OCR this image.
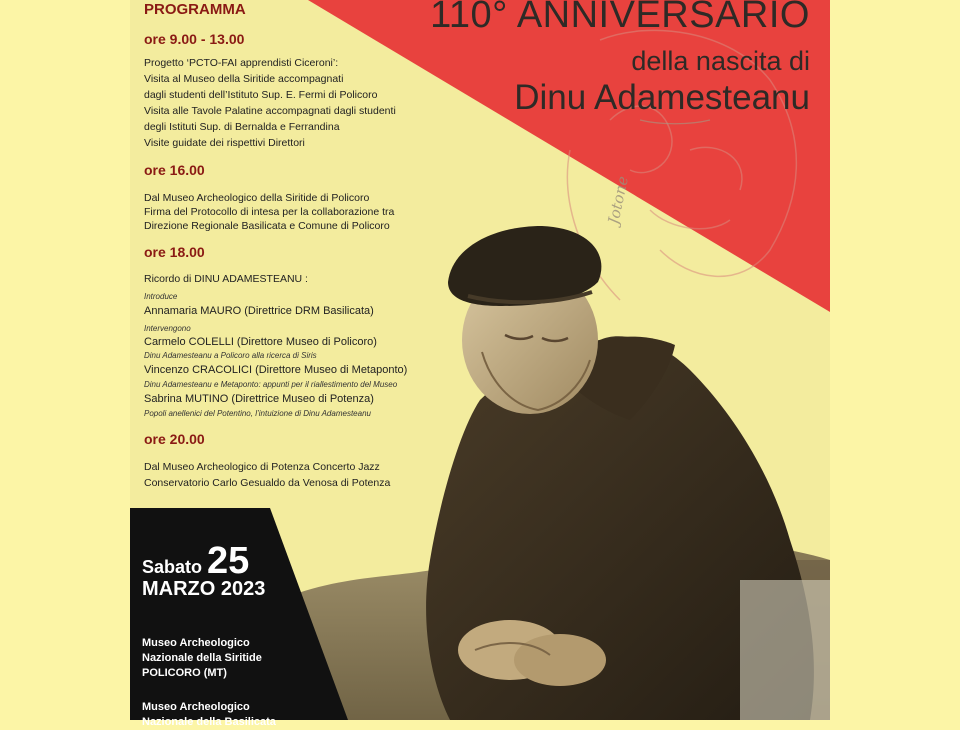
Jotone
110° ANNIVERSARIO
della nascita di
Dinu Adamesteanu
PROGRAMMA
ore 9.00 - 13.00
Progetto ‘PCTO-FAI apprendisti Ciceroni’:
Visita al Museo della Siritide accompagnati
dagli studenti dell’Istituto Sup. E. Fermi di Policoro
Visita alle Tavole Palatine accompagnati dagli studenti
degli Istituti Sup. di Bernalda e Ferrandina
Visite guidate dei rispettivi Direttori
ore 16.00
Dal Museo Archeologico della Siritide di Policoro
Firma del Protocollo di intesa per la collaborazione tra
Direzione Regionale Basilicata e Comune di Policoro
ore 18.00
Ricordo di DINU ADAMESTEANU :
Introduce
Annamaria MAURO (Direttrice DRM Basilicata)
Intervengono
Carmelo COLELLI (Direttore Museo di Policoro)
Dinu Adamesteanu a Policoro alla ricerca di Siris
Vincenzo CRACOLICI (Direttore Museo di Metaponto)
Dinu Adamesteanu e Metaponto: appunti per il riallestimento del Museo
Sabrina MUTINO (Direttrice Museo di Potenza)
Popoli anellenici del Potentino, l’intuizione di Dinu Adamesteanu
ore 20.00
Dal Museo Archeologico di Potenza Concerto Jazz
Conservatorio Carlo Gesualdo da Venosa di Potenza
Sabato 25
MARZO 2023
Museo Archeologico
Nazionale della Siritide
POLICORO (MT)
Museo Archeologico
Nazionale della Basilicata
